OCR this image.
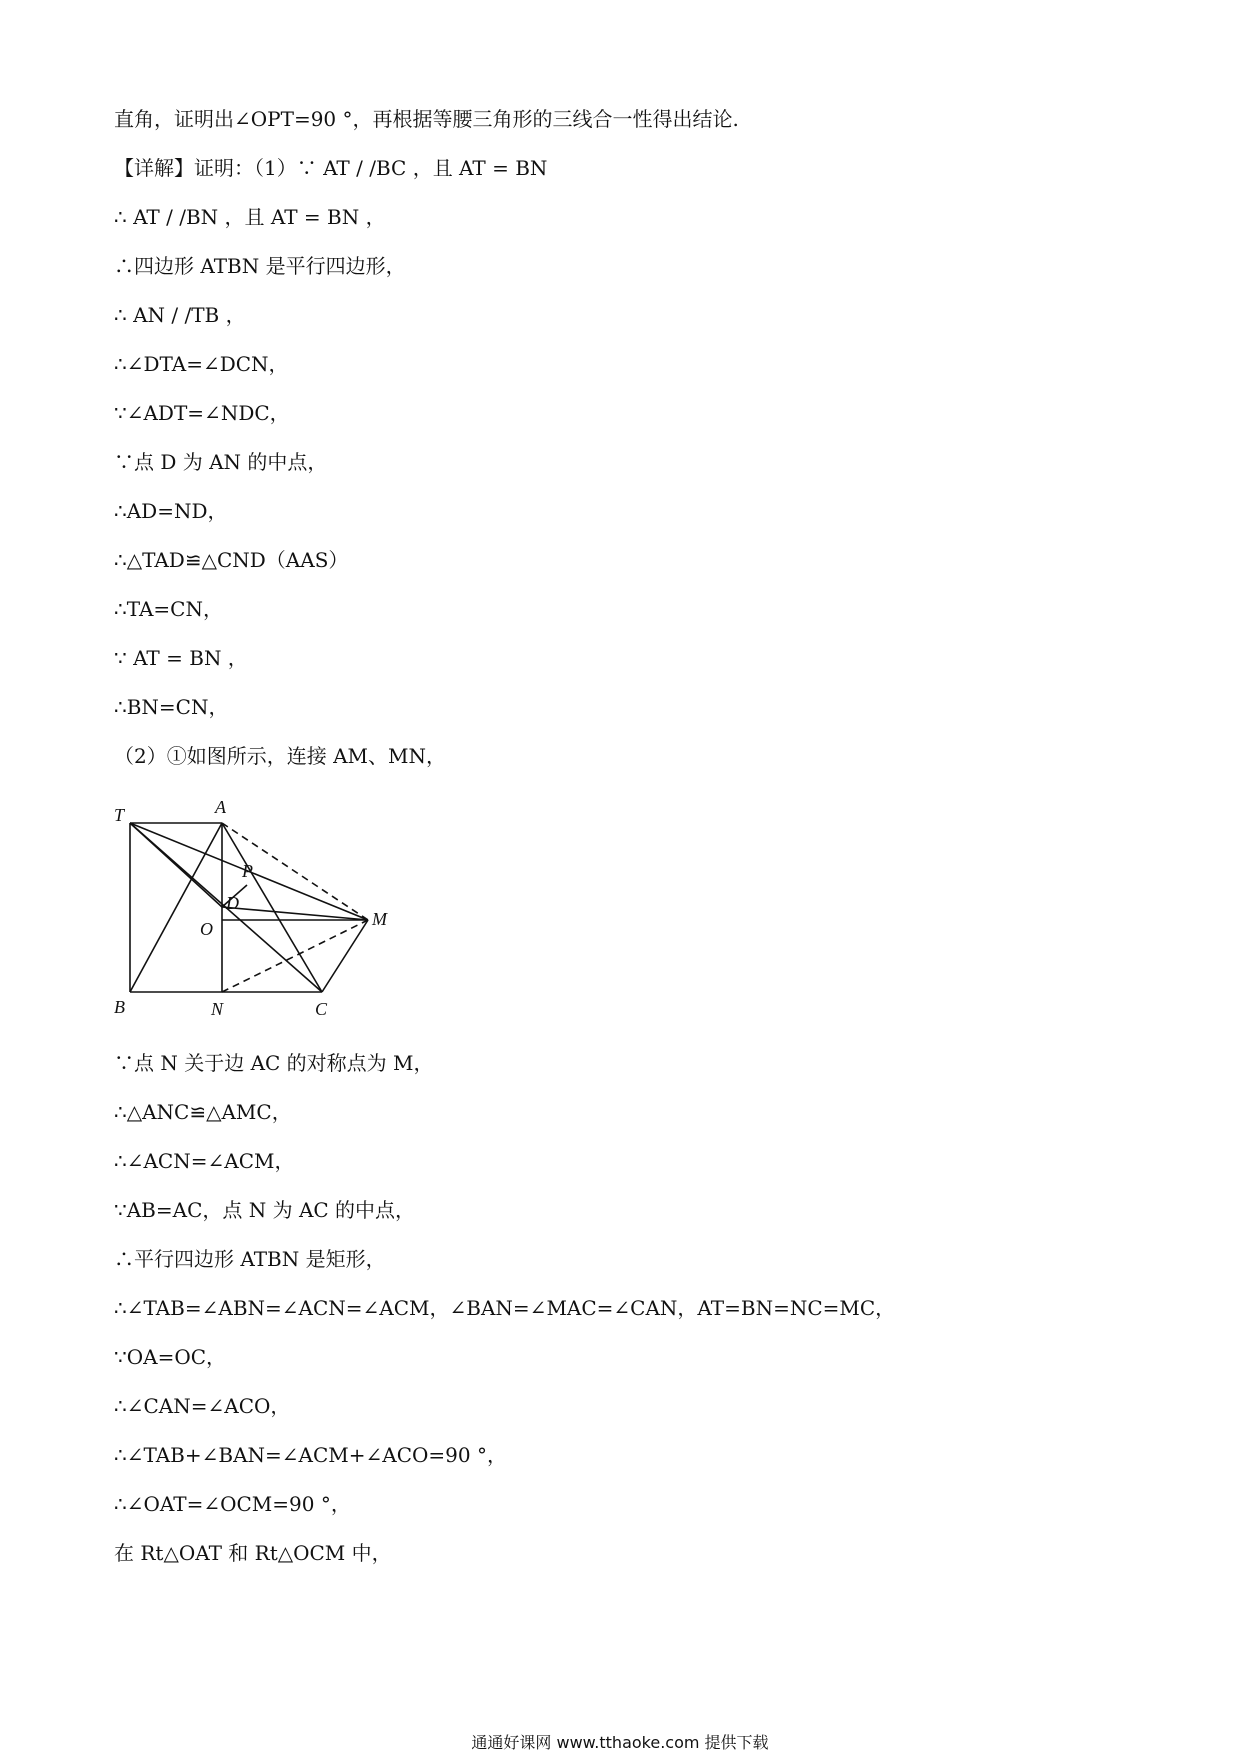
直角，证明出∠OPT=90 °，再根据等腰三角形的三线合一性得出结论.
【详解】证明：（1）∵ AT / /BC ，且 AT = BN
∴ AT / /BN ，且 AT = BN ，
∴四边形 ATBN 是平行四边形，
∴ AN / /TB ，
∴∠DTA=∠DCN，
∵∠ADT=∠NDC，
∵点 D 为 AN 的中点，
∴AD=ND，
∴△TAD≌△CND（AAS）
∴TA=CN，
∵ AT = BN ，
∴BN=CN，
（2）①如图所示，连接 AM、MN，
T	A
P
D
O	M
B	N	C
∵点 N 关于边 AC 的对称点为 M，
∴△ANC≌△AMC，
∴∠ACN=∠ACM，
∵AB=AC，点 N 为 AC 的中点，
∴平行四边形 ATBN 是矩形，
∴∠TAB=∠ABN=∠ACN=∠ACM，∠BAN=∠MAC=∠CAN，AT=BN=NC=MC，
∵OA=OC，
∴∠CAN=∠ACO，
∴∠TAB+∠BAN=∠ACM+∠ACO=90 °，
∴∠OAT=∠OCM=90 °，
在 Rt△OAT 和 Rt△OCM 中，
通通好课网 www.tthaoke.com 提供下载
